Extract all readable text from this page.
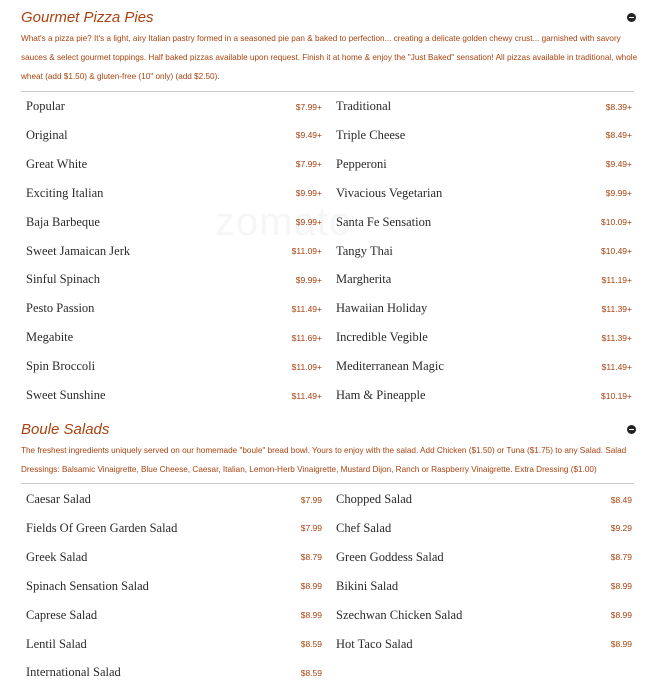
Gourmet Pizza Pies

What's a pizza pie? It's a light, airy Italian pastry formed in a seasoned pie pan & baked to perfection... creating a delicate golden chewy crust... garnished with savory sauces & select gourmet toppings. Half baked pizzas available upon request. Finish it at home & enjoy the "Just Baked" sensation! All pizzas available in traditional, whole wheat (add $1.50) & gluten-free (10" only) (add $2.50).

Popular	$7.99+
Original	$9.49+
Great White	$7.99+
Exciting Italian	$9.99+
Baja Barbeque	$9.99+
Sweet Jamaican Jerk	$11.09+
Sinful Spinach	$9.99+
Pesto Passion	$11.49+
Megabite	$11.69+
Spin Broccoli	$11.09+
Sweet Sunshine	$11.49+
Traditional	$8.39+
Triple Cheese	$8.49+
Pepperoni	$9.49+
Vivacious Vegetarian	$9.99+
Santa Fe Sensation	$10.09+
Tangy Thai	$10.49+
Margherita	$11.19+
Hawaiian Holiday	$11.39+
Incredible Vegible	$11.39+
Mediterranean Magic	$11.49+
Ham & Pineapple	$10.19+
Boule Salads

The freshest ingredients uniquely served on our homemade "boule" bread bowl. Yours to enjoy with the salad. Add Chicken ($1.50) or Tuna ($1.75) to any Salad. Salad Dressings: Balsamic Vinaigrette, Blue Cheese, Caesar, Italian, Lemon-Herb Vinaigrette, Mustard Dijon, Ranch or Raspberry Vinaigrette. Extra Dressing ($1.00)

Caesar Salad	$7.99
Fields Of Green Garden Salad	$7.99
Greek Salad	$8.79
Spinach Sensation Salad	$8.99
Caprese Salad	$8.99
Lentil Salad	$8.59
International Salad	$8.59
Chopped Salad	$8.49
Chef Salad	$9.29
Green Goddess Salad	$8.79
Bikini Salad	$8.99
Szechwan Chicken Salad	$8.99
Hot Taco Salad	$8.99
